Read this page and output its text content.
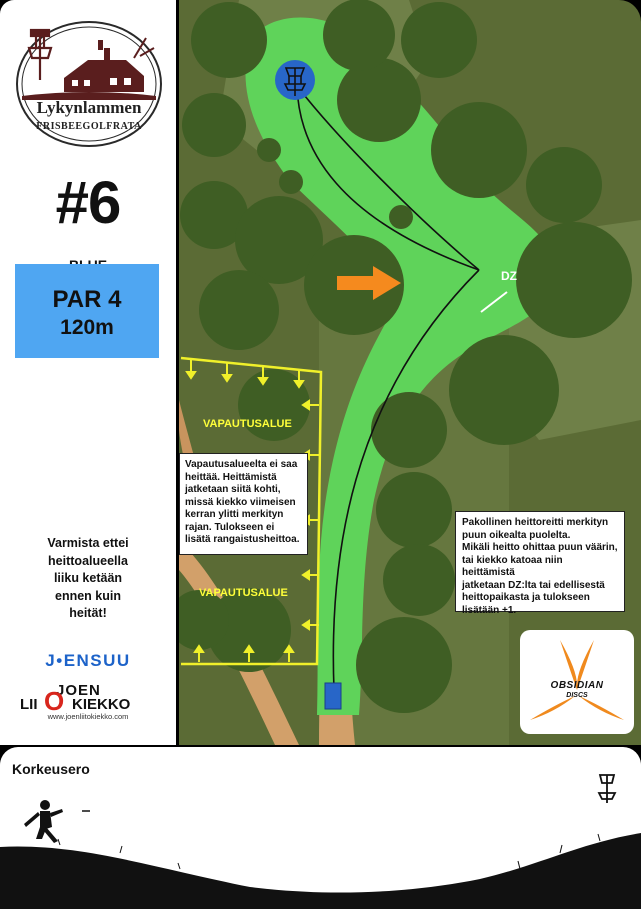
Lykynlammen
FRISBEEGOLFRATA
#6
PAR 4
120m
Varmista ettei
heittoalueella
liiku ketään
ennen kuin
heität!
J•ENSUU
JOEN
LII O KIEKKO
www.joenliitokiekko.com
VAPAUTUSALUE
VAPAUTUSALUE
DZ
Vapautusalueelta ei saa
heittää. Heittämistä
jatketaan siitä kohti,
missä kiekko viimeisen
kerran ylitti merkityn
rajan. Tulokseen ei
lisätä rangaistusheittoa.
Pakollinen heittoreitti merkityn
puun oikealta puolelta.
Mikäli heitto ohittaa puun väärin,
tai kiekko katoaa niin heittämistä
jatketaan DZ:lta tai edellisestä
heittopaikasta ja tulokseen
lisätään +1.
OBSIDIAN
DISCS
Korkeusero
+2m
